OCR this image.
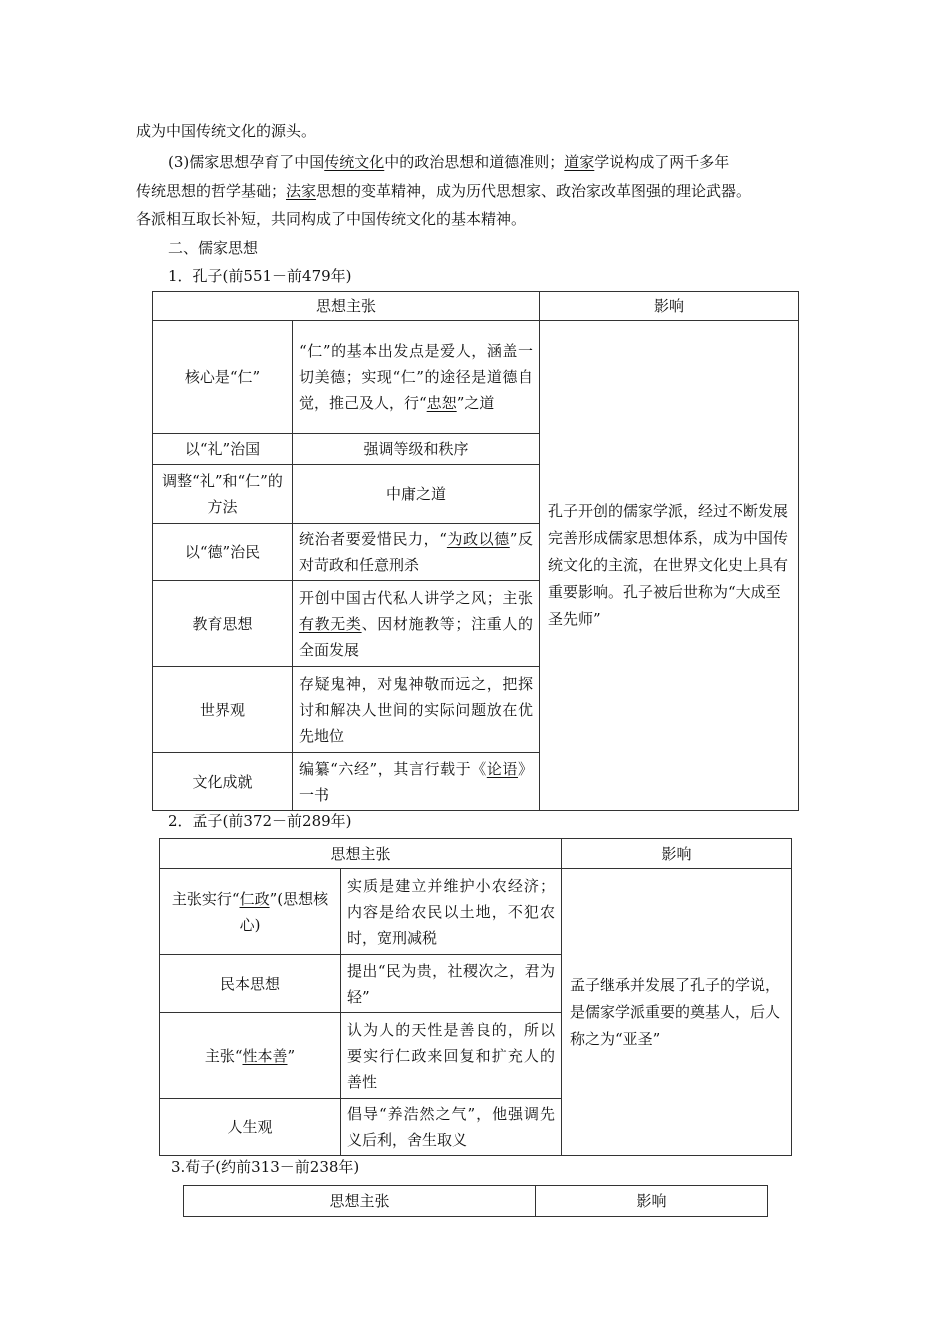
成为中国传统文化的源头。
(3)儒家思想孕育了中国传统文化中的政治思想和道德准则；道家学说构成了两千多年
传统思想的哲学基础；法家思想的变革精神，成为历代思想家、政治家改革图强的理论武器。
各派相互取长补短，共同构成了中国传统文化的基本精神。
二、儒家思想
1．孔子(前551－前479年)
思想主张		影响
核心是“仁”	“仁”的基本出发点是爱人，涵盖一切美德；实现“仁”的途径是道德自觉，推己及人，行“忠恕”之道	孔子开创的儒家学派，经过不断发展完善形成儒家思想体系，成为中国传统文化的主流，在世界文化史上具有重要影响。孔子被后世称为“大成至圣先师”
以“礼”治国	强调等级和秩序	
调整“礼”和“仁”的方法	中庸之道	
以“德”治民	统治者要爱惜民力，“为政以德”反对苛政和任意刑杀	
教育思想	开创中国古代私人讲学之风；主张有教无类、因材施教等；注重人的全面发展	
世界观	存疑鬼神，对鬼神敬而远之，把探讨和解决人世间的实际问题放在优先地位	
文化成就	编纂“六经”，其言行载于《论语》一书	
2．孟子(前372－前289年)
思想主张		影响
主张实行“仁政”(思想核心)	实质是建立并维护小农经济；内容是给农民以土地，不犯农时，宽刑减税	孟子继承并发展了孔子的学说，是儒家学派重要的奠基人，后人称之为“亚圣”
民本思想	提出“民为贵，社稷次之，君为轻”	
主张“性本善”	认为人的天性是善良的，所以要实行仁政来回复和扩充人的善性	
人生观	倡导“养浩然之气”，他强调先义后利，舍生取义	
3.荀子(约前313－前238年)
思想主张	影响
